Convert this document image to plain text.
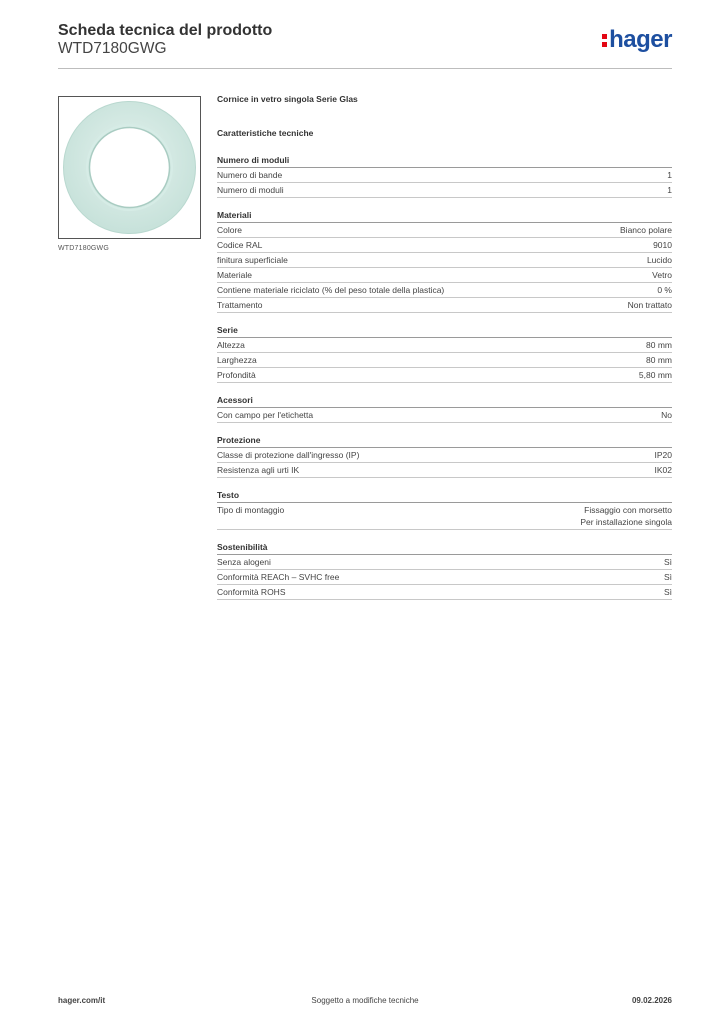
Scheda tecnica del prodotto
WTD7180GWG	hager
WTD7180GWG
Cornice in vetro singola Serie Glas
Caratteristiche tecniche
Numero di moduli
Numero di bande	1
Numero di moduli	1
Materiali
Colore	Bianco polare
Codice RAL	9010
finitura superficiale	Lucido
Materiale	Vetro
Contiene materiale riciclato (% del peso totale della plastica)	0 %
Trattamento	Non trattato
Serie
Altezza	80 mm
Larghezza	80 mm
Profondità	5,80 mm
Acessori
Con campo per l'etichetta	No
Protezione
Classe di protezione dall'ingresso (IP)	IP20
Resistenza agli urti IK	IK02
Testo
Tipo di montaggio	Fissaggio con morsetto
Per installazione singola
Sostenibilità
Senza alogeni	Sì
Conformità REACh – SVHC free	Sì
Conformità ROHS	Sì
hager.com/it	Soggetto a modifiche tecniche	09.02.2026
